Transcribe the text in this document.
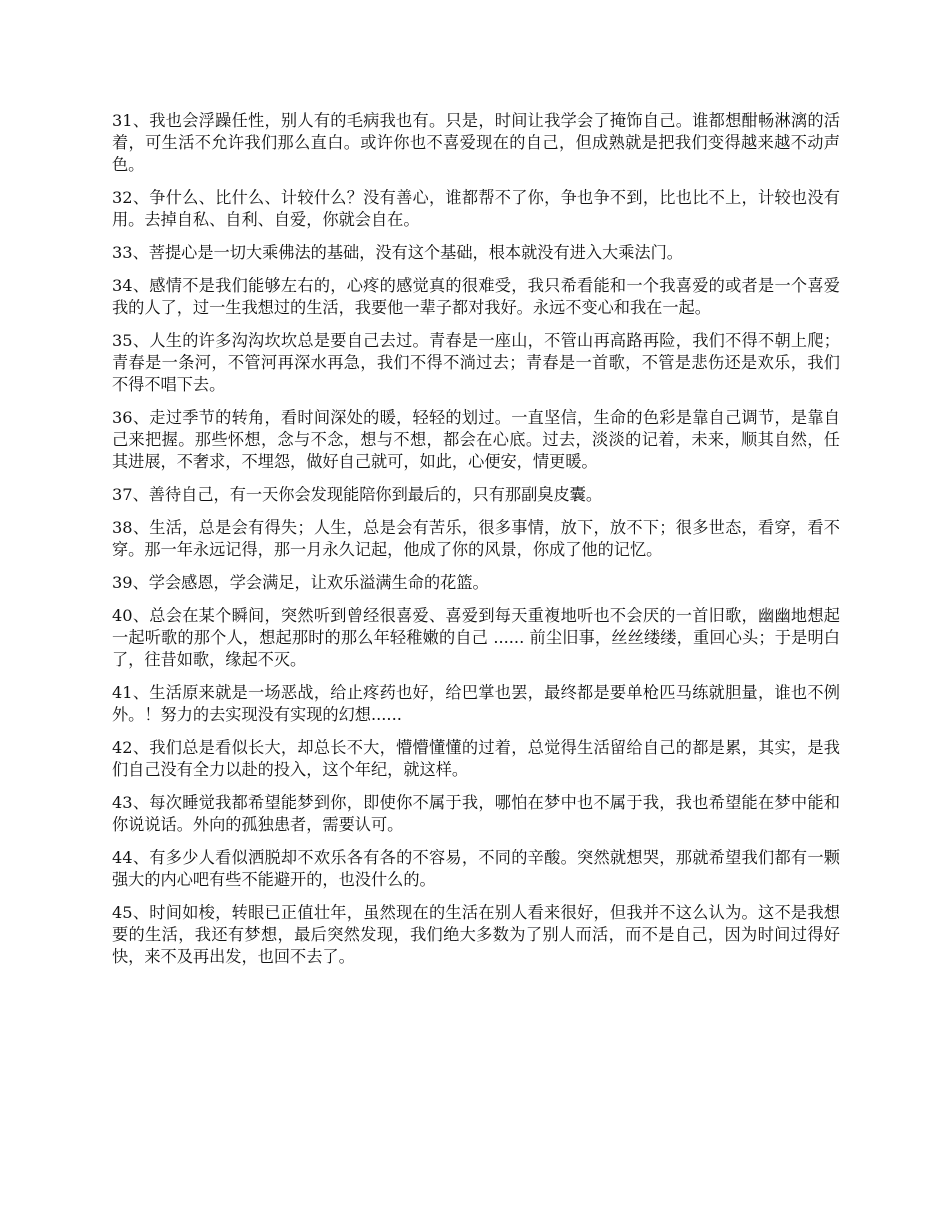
31、我也会浮躁任性，别人有的毛病我也有。只是，时间让我学会了掩饰自己。谁都想酣畅淋漓的活着，可生活不允许我们那么直白。或许你也不喜爱现在的自己，但成熟就是把我们变得越来越不动声色。

32、争什么、比什么、计较什么？没有善心，谁都帮不了你，争也争不到，比也比不上，计较也没有用。去掉自私、自利、自爱，你就会自在。

33、菩提心是一切大乘佛法的基础，没有这个基础，根本就没有进入大乘法门。

34、感情不是我们能够左右的，心疼的感觉真的很难受，我只希看能和一个我喜爱的或者是一个喜爱我的人了，过一生我想过的生活，我要他一辈子都对我好。永远不变心和我在一起。

35、人生的许多沟沟坎坎总是要自己去过。青春是一座山，不管山再高路再险，我们不得不朝上爬；青春是一条河，不管河再深水再急，我们不得不淌过去；青春是一首歌，不管是悲伤还是欢乐，我们不得不唱下去。

36、走过季节的转角，看时间深处的暖，轻轻的划过。一直坚信，生命的色彩是靠自己调节，是靠自己来把握。那些怀想，念与不念，想与不想，都会在心底。过去，淡淡的记着，未来，顺其自然，任其进展，不奢求，不埋怨，做好自己就可，如此，心便安，情更暖。

37、善待自己，有一天你会发现能陪你到最后的，只有那副臭皮囊。

38、生活，总是会有得失；人生，总是会有苦乐，很多事情，放下，放不下；很多世态，看穿，看不穿。那一年永远记得，那一月永久记起，他成了你的风景，你成了他的记忆。

39、学会感恩，学会满足，让欢乐溢满生命的花篮。

40、总会在某个瞬间，突然听到曾经很喜爱、喜爱到每天重複地听也不会厌的一首旧歌，幽幽地想起一起听歌的那个人，想起那时的那么年轻稚嫩的自己 ...... 前尘旧事，丝丝缕缕，重回心头；于是明白了，往昔如歌，缘起不灭。

41、生活原来就是一场恶战，给止疼药也好，给巴掌也罢，最终都是要单枪匹马练就胆量，谁也不例外。！努力的去实现没有实现的幻想......

42、我们总是看似长大，却总长不大，懵懵懂懂的过着，总觉得生活留给自己的都是累，其实，是我们自己没有全力以赴的投入，这个年纪，就这样。

43、每次睡觉我都希望能梦到你，即使你不属于我，哪怕在梦中也不属于我，我也希望能在梦中能和你说说话。外向的孤独患者，需要认可。

44、有多少人看似洒脱却不欢乐各有各的不容易，不同的辛酸。突然就想哭，那就希望我们都有一颗强大的内心吧有些不能避开的，也没什么的。

45、时间如梭，转眼已正值壮年，虽然现在的生活在别人看来很好，但我并不这么认为。这不是我想要的生活，我还有梦想，最后突然发现，我们绝大多数为了别人而活，而不是自己，因为时间过得好快，来不及再出发，也回不去了。
